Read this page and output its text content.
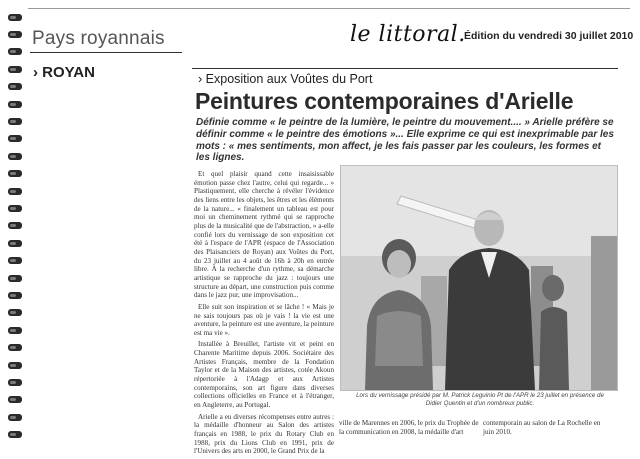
Pays royannais
› ROYAN
le littoral.
Édition du vendredi 30 juillet 2010
› Exposition aux Voûtes du Port
Peintures contemporaines d'Arielle
Définie comme « le peintre de la lumière, le peintre du mouvement.... » Arielle préfère se définir comme « le peintre des émotions »... Elle exprime ce qui est inexprimable par les mots : « mes sentiments, mon affect, je les fais passer par les couleurs, les formes et les lignes.

Et quel plaisir quand cette insaisissable émotion passe chez l'autre, celui qui regarde... » Plastiquement, elle cherche à révéler l'évidence des liens entre les objets, les êtres et les éléments de la nature... « finalement un tableau est pour moi un cheminement rythmé qui se rapproche plus de la musicalité que de l'abstraction, » a-elle confié lors du vernissage de son exposition cet été à l'espace de l'APR (espace de l'Association des Plaisanciers de Royan) aux Voûtes du Port, du 23 juillet au 4 août de 16h à 20h en entrée libre. À la recherche d'un rythme, sa démarche artistique se rapproche du jazz : toujours une structure au départ, une construction puis comme dans le jazz pur, une improvisation...

Elle suit son inspiration et se lâche ! « Mais je ne sais toujours pas où je vais ! la vie est une aventure, la peinture est une aventure, la peinture est ma vie ».

Installée à Breuillet, l'artiste vit et peint en Charente Maritime depuis 2006. Sociétaire des Artistes Français, membre de la Fondation Taylor et de la Maison des artistes, cotée Akoun répertoriée à l'Adagp et aux Artistes contemporains, son art figure dans diverses collections officielles en France et à l'étranger, en Angleterre, au Portugal.

Arielle a eu diverses récompenses entre autres : la médaille d'honneur au Salon des artistes français en 1988, le prix du Rotary Club en 1988, prix du Lions Club en 1991, prix de l'Univers des arts en 2000, le Grand Prix de la

Lors du vernissage présidé par M. Patrick Leguinio Pt de l'APR le 23 juillet en présence de Didier Quentin et d'un nombreux public.
ville de Marennes en 2006, le prix du Trophée de la communication en 2008, la médaille d'art
contemporain au salon de La Rochelle en juin 2010.
